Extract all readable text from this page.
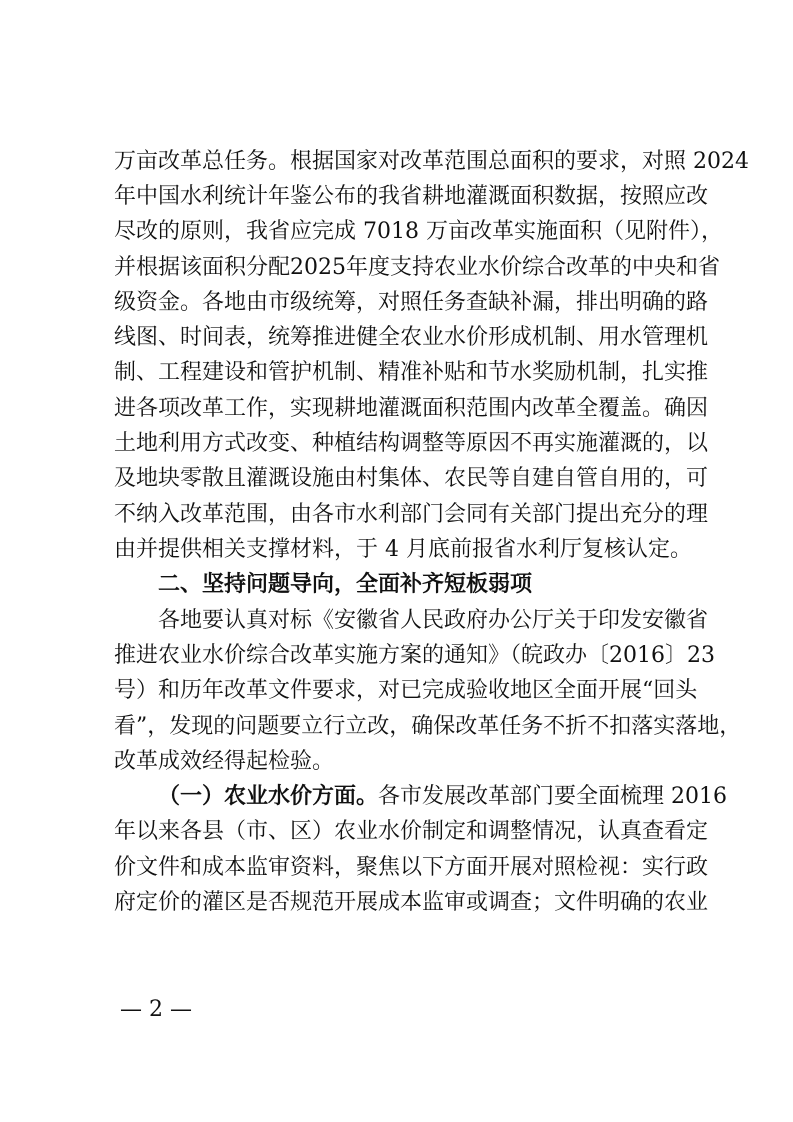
万亩改革总任务。根据国家对改革范围总面积的要求，对照 2024
年中国水利统计年鉴公布的我省耕地灌溉面积数据，按照应改
尽改的原则，我省应完成 7018 万亩改革实施面积（见附件），
并根据该面积分配2025年度支持农业水价综合改革的中央和省
级资金。各地由市级统筹，对照任务查缺补漏，排出明确的路
线图、时间表，统筹推进健全农业水价形成机制、用水管理机
制、工程建设和管护机制、精准补贴和节水奖励机制，扎实推
进各项改革工作，实现耕地灌溉面积范围内改革全覆盖。确因
土地利用方式改变、种植结构调整等原因不再实施灌溉的，以
及地块零散且灌溉设施由村集体、农民等自建自管自用的，可
不纳入改革范围，由各市水利部门会同有关部门提出充分的理
由并提供相关支撑材料，于 4 月底前报省水利厅复核认定。
二、坚持问题导向，全面补齐短板弱项
各地要认真对标《安徽省人民政府办公厅关于印发安徽省
推进农业水价综合改革实施方案的通知》（皖政办〔2016〕23
号）和历年改革文件要求，对已完成验收地区全面开展“回头
看”，发现的问题要立行立改，确保改革任务不折不扣落实落地，
改革成效经得起检验。
（一）农业水价方面。各市发展改革部门要全面梳理 2016
年以来各县（市、区）农业水价制定和调整情况，认真查看定
价文件和成本监审资料，聚焦以下方面开展对照检视：实行政
府定价的灌区是否规范开展成本监审或调查；文件明确的农业
— 2 —
